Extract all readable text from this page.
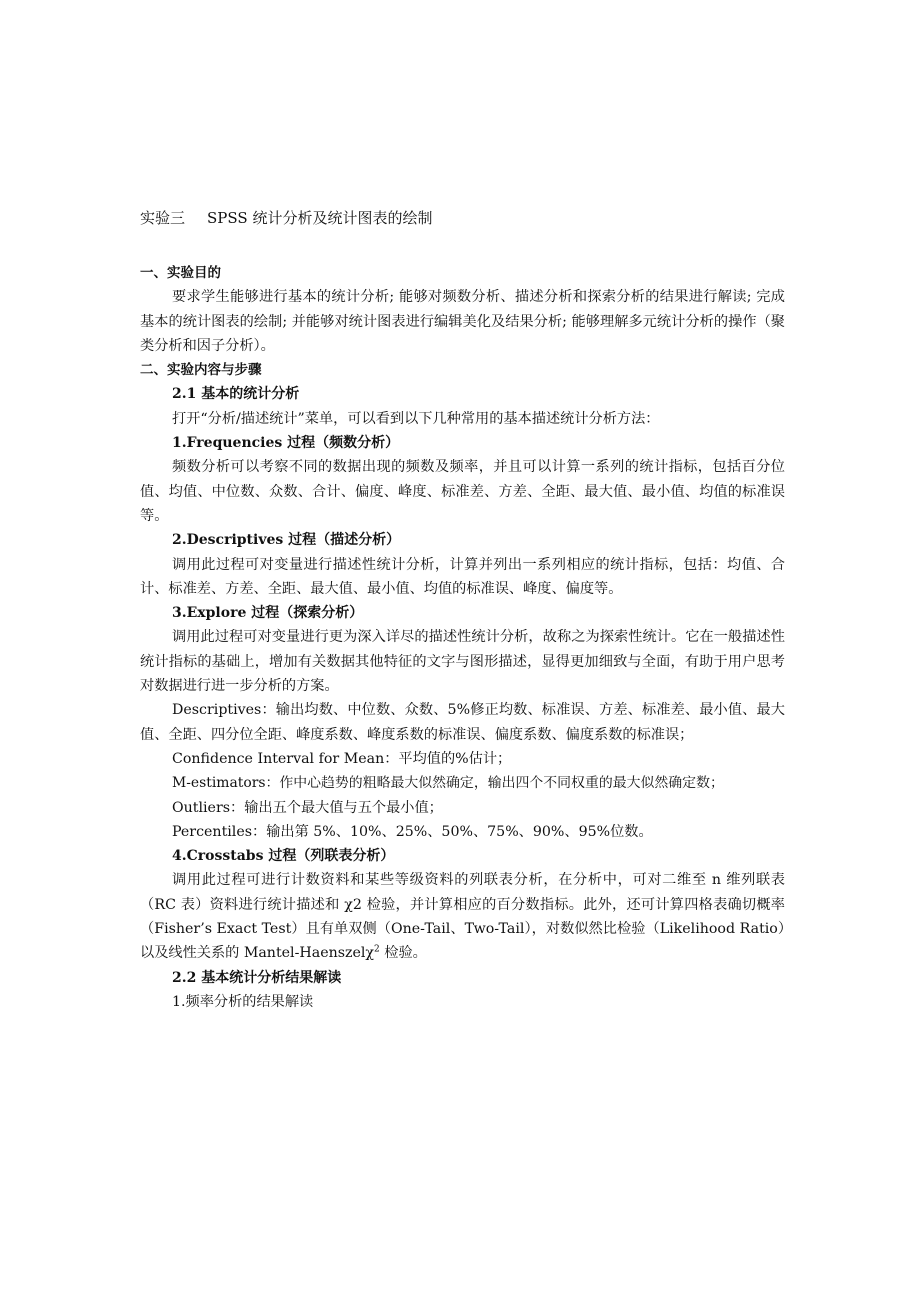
实验三 SPSS 统计分析及统计图表的绘制

一、实验目的

要求学生能够进行基本的统计分析; 能够对频数分析、描述分析和探索分析的结果进行解读; 完成基本的统计图表的绘制; 并能够对统计图表进行编辑美化及结果分析; 能够理解多元统计分析的操作（聚类分析和因子分析）。

二、实验内容与步骤

2.1 基本的统计分析

打开“分析/描述统计”菜单，可以看到以下几种常用的基本描述统计分析方法：

1.Frequencies 过程（频数分析）

频数分析可以考察不同的数据出现的频数及频率，并且可以计算一系列的统计指标，包括百分位值、均值、中位数、众数、合计、偏度、峰度、标准差、方差、全距、最大值、最小值、均值的标准误等。

2.Descriptives 过程（描述分析）

调用此过程可对变量进行描述性统计分析，计算并列出一系列相应的统计指标，包括：均值、合计、标准差、方差、全距、最大值、最小值、均值的标准误、峰度、偏度等。

3.Explore 过程（探索分析）

调用此过程可对变量进行更为深入详尽的描述性统计分析，故称之为探索性统计。它在一般描述性统计指标的基础上，增加有关数据其他特征的文字与图形描述，显得更加细致与全面，有助于用户思考对数据进行进一步分析的方案。

Descriptives：输出均数、中位数、众数、5%修正均数、标准误、方差、标准差、最小值、最大值、全距、四分位全距、峰度系数、峰度系数的标准误、偏度系数、偏度系数的标准误；

Confidence Interval for Mean：平均值的%估计；

M-estimators：作中心趋势的粗略最大似然确定，输出四个不同权重的最大似然确定数；

Outliers：输出五个最大值与五个最小值；

Percentiles：输出第 5%、10%、25%、50%、75%、90%、95%位数。

4.Crosstabs 过程（列联表分析）

调用此过程可进行计数资料和某些等级资料的列联表分析，在分析中，可对二维至 n 维列联表（RC 表）资料进行统计描述和 χ2 检验，并计算相应的百分数指标。此外，还可计算四格表确切概率（Fisher’s Exact Test）且有单双侧（One-Tail、Two-Tail），对数似然比检验（Likelihood Ratio）以及线性关系的 Mantel-Haenszelχ$^2$ 检验。

2.2 基本统计分析结果解读

1.频率分析的结果解读
